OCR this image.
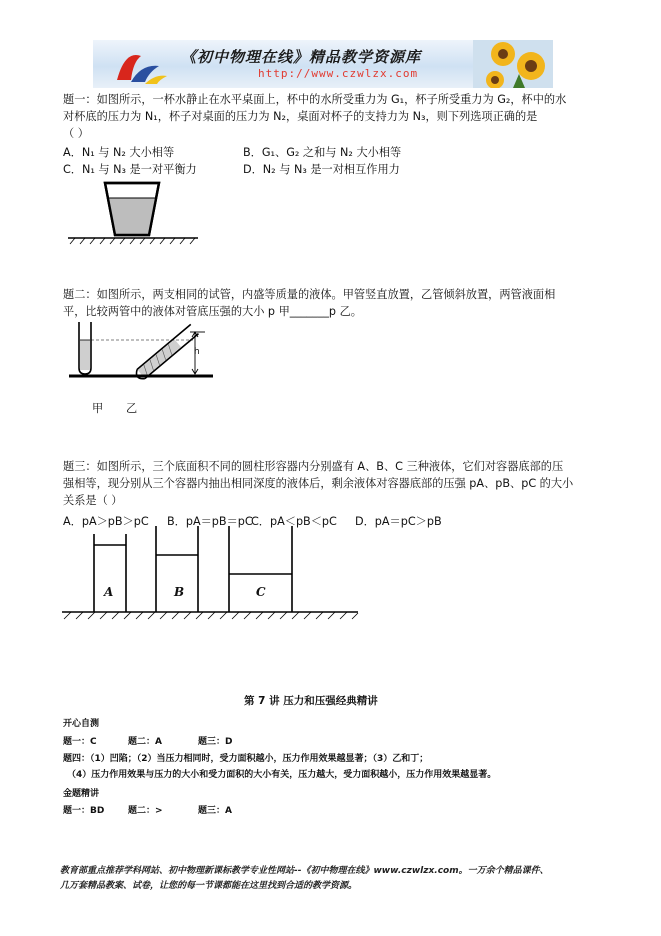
《初中物理在线》精品教学资源库
http://www.czwlzx.com
题一：如图所示，一杯水静止在水平桌面上，杯中的水所受重力为 G₁，杯子所受重力为 G₂，杯中的水
对杯底的压力为 N₁，杯子对桌面的压力为 N₂，桌面对杯子的支持力为 N₃，则下列选项正确的是
（ ）
A．N₁ 与 N₂ 大小相等	B．G₁、G₂ 之和与 N₂ 大小相等
C．N₁ 与 N₃ 是一对平衡力	D．N₂ 与 N₃ 是一对相互作用力
题二：如图所示，两支相同的试管，内盛等质量的液体。甲管竖直放置，乙管倾斜放置，两管液面相
平，比较两管中的液体对管底压强的大小 p 甲_______p 乙。
h
甲 乙
题三：如图所示，三个底面积不同的圆柱形容器内分别盛有 A、B、C 三种液体，它们对容器底部的压
强相等，现分别从三个容器内抽出相同深度的液体后，剩余液体对容器底部的压强 pA、pB、pC 的大小
关系是（ ）
A．pA＞pB＞pC B．pA＝pB＝pC
C．pA＜pB＜pC D．pA＝pC＞pB
A	B	C
第 7 讲 压力和压强经典精讲
开心自测
题一：C	题二：A	题三：D
题四：（1）凹陷；（2）当压力相同时，受力面积越小，压力作用效果越显著；（3）乙和丁；
（4）压力作用效果与压力的大小和受力面积的大小有关，压力越大，受力面积越小，压力作用效果越显著。
金题精讲
题一：BD	题二：>	题三：A
教育部重点推荐学科网站、初中物理新课标教学专业性网站--《初中物理在线》www.czwlzx.com。一万余个精品课件、
几万套精品教案、试卷，让您的每一节课都能在这里找到合适的教学资源。
